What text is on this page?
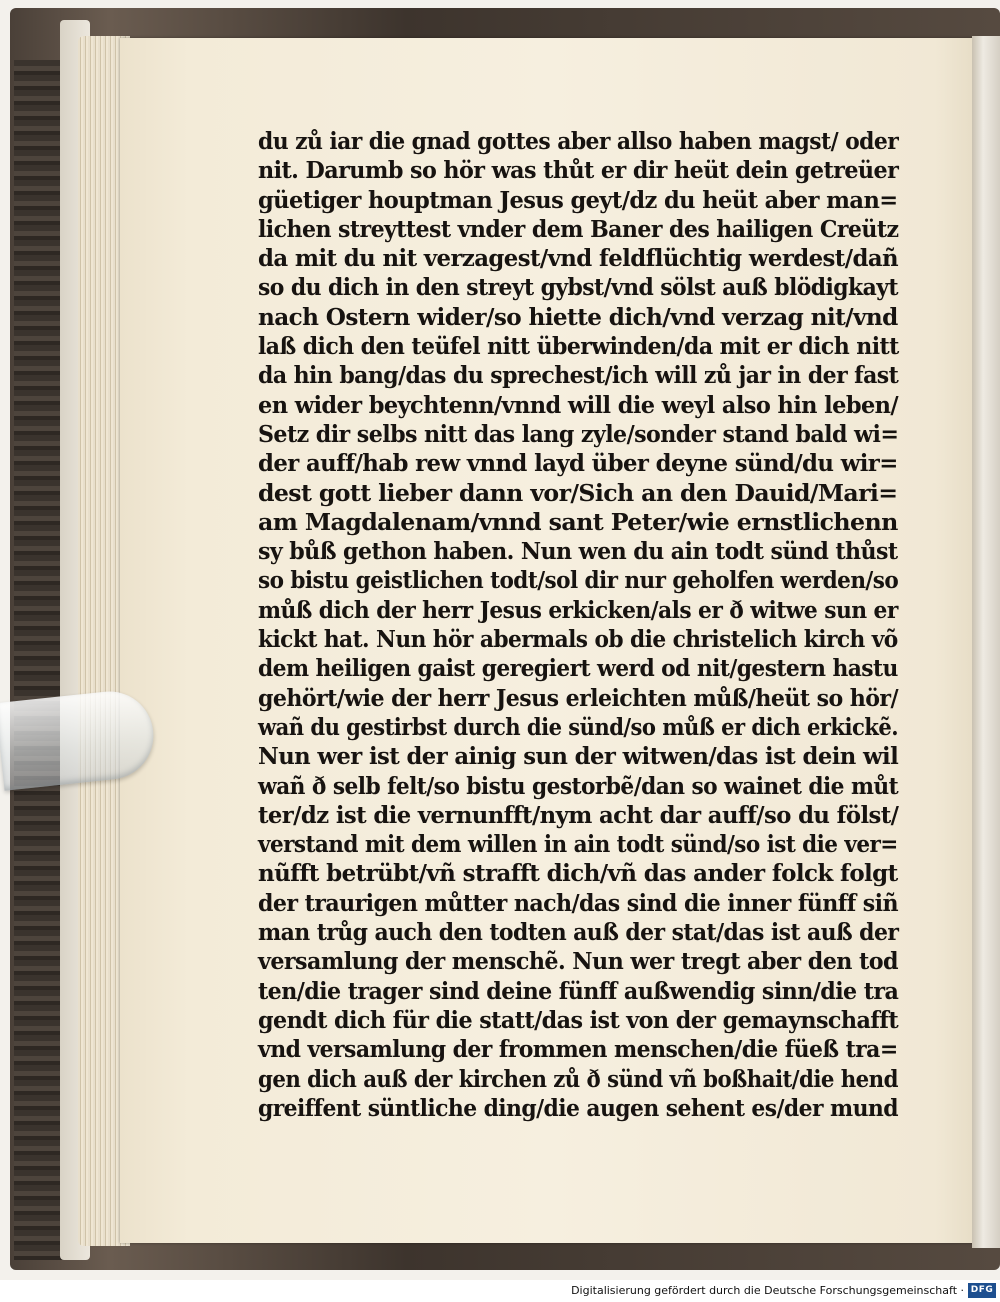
du zů iar die gnad gottes aber allso haben magst/ oder
nit. Darumb so hör was thůt er dir heüt dein getreüer
güetiger houptman Jesus geyt/dz du heüt aber man=
lichen streyttest vnder dem Baner des hailigen Creütz
da mit du nit verzagest/vnd feldflüchtig werdest/dañ
so du dich in den streyt gybst/vnd sölst auß blödigkayt
nach Ostern wider/so hiette dich/vnd verzag nit/vnd
laß dich den teüfel nitt überwinden/da mit er dich nitt
da hin bang/das du sprechest/ich will zů jar in der fast
en wider beychtenn/vnnd will die weyl also hin leben/
Setz dir selbs nitt das lang zyle/sonder stand bald wi=
der auff/hab rew vnnd layd über deyne sünd/du wir=
dest gott lieber dann vor/Sich an den Dauid/Mari=
am Magdalenam/vnnd sant Peter/wie ernstlichenn
sy bůß gethon haben. Nun wen du ain todt sünd thůst
so bistu geistlichen todt/sol dir nur geholfen werden/so
můß dich der herr Jesus erkicken/als er ð witwe sun er
kickt hat. Nun hör abermals ob die christelich kirch võ
dem heiligen gaist geregiert werd od nit/gestern hastu
gehört/wie der herr Jesus erleichten můß/heüt so hör/
wañ du gestirbst durch die sünd/so můß er dich erkickẽ.
Nun wer ist der ainig sun der witwen/das ist dein wil
wañ ð selb felt/so bistu gestorbẽ/dan so wainet die můt
ter/dz ist die vernunfft/nym acht dar auff/so du fölst/
verstand mit dem willen in ain todt sünd/so ist die ver=
nũfft betrübt/vñ strafft dich/vñ das ander folck folgt
der traurigen můtter nach/das sind die inner fünff siñ
man trůg auch den todten auß der stat/das ist auß der
versamlung der menschẽ. Nun wer tregt aber den tod
ten/die trager sind deine fünff außwendig sinn/die tra
gendt dich für die statt/das ist von der gemaynschafft
vnd versamlung der frommen menschen/die füeß tra=
gen dich auß der kirchen zů ð sünd vñ boßhait/die hend
greiffent süntliche ding/die augen sehent es/der mund
Digitalisierung gefördert durch die Deutsche Forschungsgemeinschaft · DFG
